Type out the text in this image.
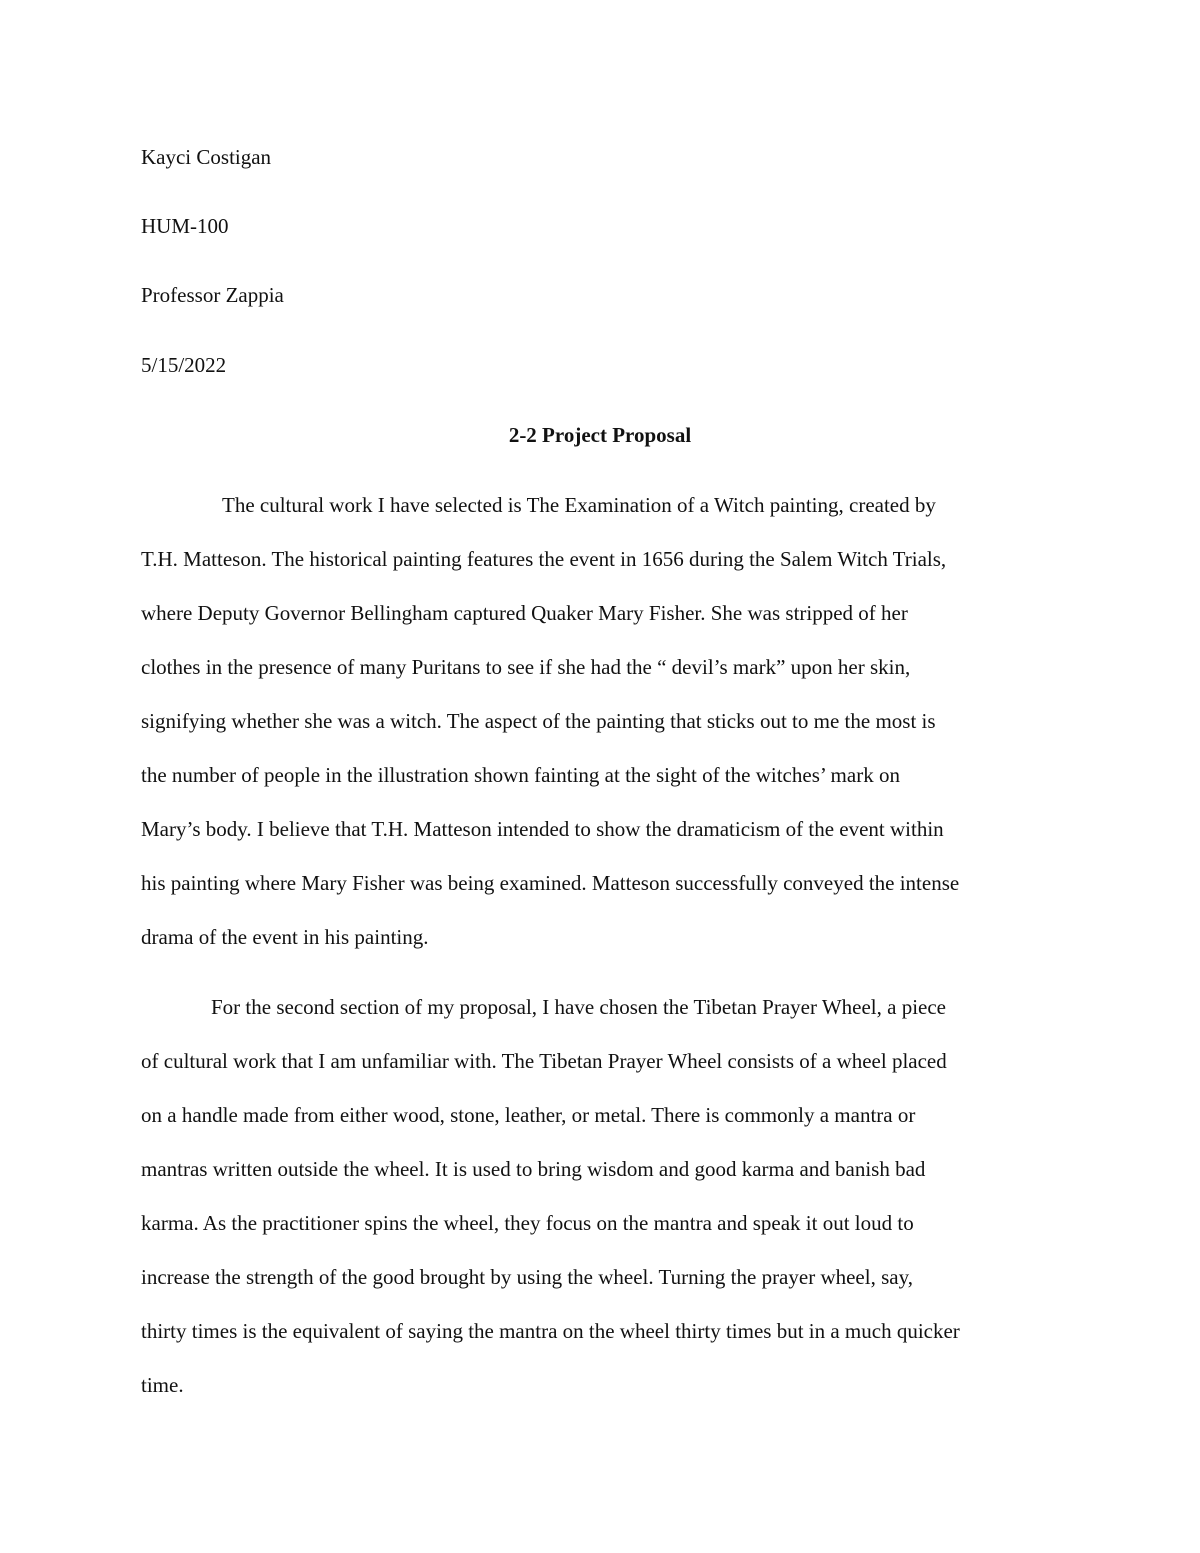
Kayci Costigan
HUM-100
Professor Zappia
5/15/2022
2-2 Project Proposal
The cultural work I have selected is The Examination of a Witch painting, created by
T.H. Matteson. The historical painting features the event in 1656 during the Salem Witch Trials,
where Deputy Governor Bellingham captured Quaker Mary Fisher. She was stripped of her
clothes in the presence of many Puritans to see if she had the “ devil’s mark” upon her skin,
signifying whether she was a witch. The aspect of the painting that sticks out to me the most is
the number of people in the illustration shown fainting at the sight of the witches’ mark on
Mary’s body. I believe that T.H. Matteson intended to show the dramaticism of the event within
his painting where Mary Fisher was being examined. Matteson successfully conveyed the intense
drama of the event in his painting.
For the second section of my proposal, I have chosen the Tibetan Prayer Wheel, a piece
of cultural work that I am unfamiliar with. The Tibetan Prayer Wheel consists of a wheel placed
on a handle made from either wood, stone, leather, or metal. There is commonly a mantra or
mantras written outside the wheel. It is used to bring wisdom and good karma and banish bad
karma. As the practitioner spins the wheel, they focus on the mantra and speak it out loud to
increase the strength of the good brought by using the wheel. Turning the prayer wheel, say,
thirty times is the equivalent of saying the mantra on the wheel thirty times but in a much quicker
time.
